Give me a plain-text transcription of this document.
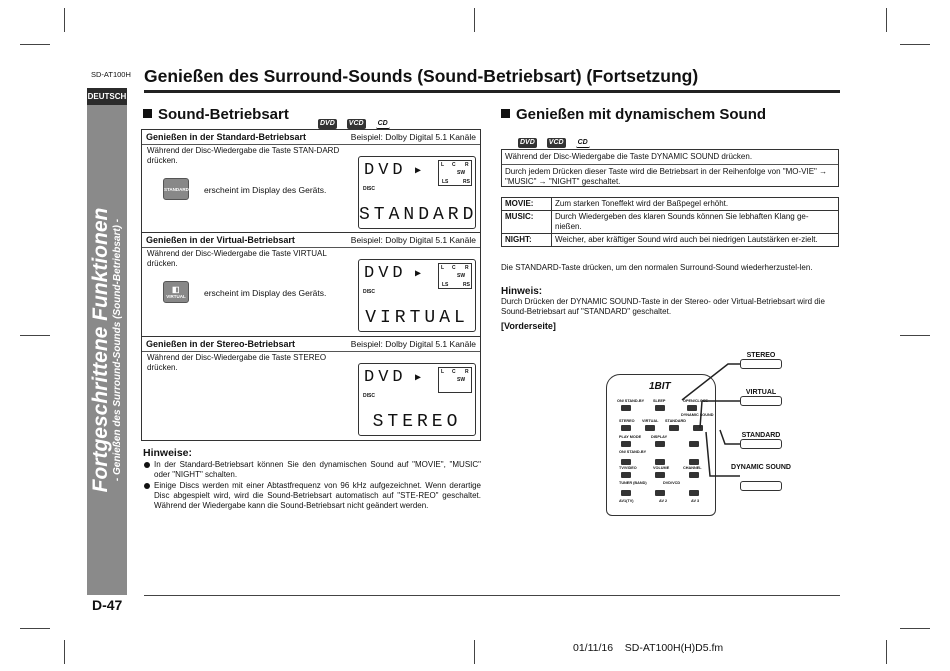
SD-AT100H
DEUTSCH
Fortgeschrittene Funktionen - Genießen des Surround-Sounds (Sound-Betriebsart) -
Genießen des Surround-Sounds (Sound-Betriebsart) (Fortsetzung)
Sound-Betriebsart
DVD VCD CD
Genießen in der Standard-Betriebsart	Beispiel: Dolby Digital 5.1 Kanäle
Während der Disc-Wiedergabe die Taste STAN-DARD drücken.
STANDARD erscheint im Display des Geräts.
DVD ▶
DISC
L C R
SW
LS	RS
STANDARD
Genießen in der Virtual-Betriebsart	Beispiel: Dolby Digital 5.1 Kanäle
Während der Disc-Wiedergabe die Taste VIRTUAL drücken.
◧
VIRTUAL	erscheint im Display des Geräts.
DVD ▶
DISC
L C R
SW
LS	RS
VIRTUAL
Genießen in der Stereo-Betriebsart	Beispiel: Dolby Digital 5.1 Kanäle
Während der Disc-Wiedergabe die Taste STEREO drücken.
DVD ▶
DISC
L C R
SW
STEREO
Hinweise:
In der Standard-Betriebsart können Sie den dynamischen Sound auf "MOVIE", "MUSIC" oder "NIGHT" schalten.
Einige Discs werden mit einer Abtastfrequenz von 96 kHz aufgezeichnet. Wenn derartige Disc abgespielt wird, wird die Sound-Betriebsart automatisch auf "STE-REO" geschaltet. Während der Wiedergabe kann die Sound-Betriebsart nicht geändert werden.
Genießen mit dynamischem Sound
DVD VCD CD
Während der Disc-Wiedergabe die Taste DYNAMIC SOUND drücken.
Durch jedem Drücken dieser Taste wird die Betriebsart in der Reihenfolge von "MO-VIE" → "MUSIC" → "NIGHT" geschaltet.
MOVIE:	Zum starken Toneffekt wird der Baßpegel erhöht.
MUSIC:	Durch Wiedergeben des klaren Sounds können Sie lebhaften Klang ge-nießen.
NIGHT:	Weicher, aber kräftiger Sound wird auch bei niedrigen Lautstärken er-zielt.
Die STANDARD-Taste drücken, um den normalen Surround-Sound wiederherzustel-len.
Hinweis:
Durch Drücken der DYNAMIC SOUND-Taste in der Stereo- oder Virtual-Betriebsart wird die Sound-Betriebsart auf "STANDARD" geschaltet.
[Vorderseite]
1BIT
ON/ STAND-BY SLEEP	OPEN/CLOSE
STEREO VIRTUAL STANDARD
DYNAMIC SOUND
PLAY MODE	DISPLAY
ON/ STAND-BY
TV/VIDEO	VOLUME	CHANNEL
TUNER (BAND)	DVD/VCD
AV1(TV)	AV 2	AV 3
STEREO
VIRTUAL
STANDARD
DYNAMIC SOUND
D-47
01/11/16 SD-AT100H(H)D5.fm
